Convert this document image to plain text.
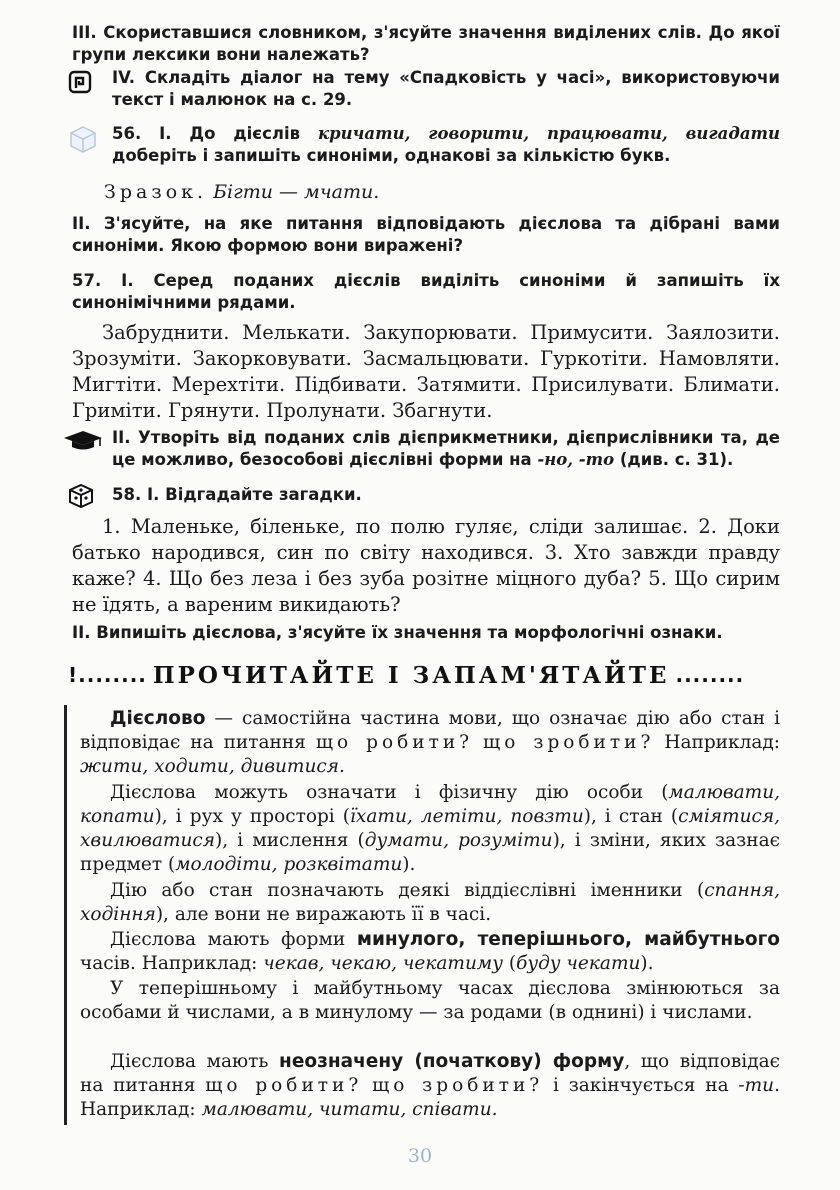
III. Скориставшися словником, з'ясуйте значення виділених слів. До якої групи лексики вони належать?
IV. Складіть діалог на тему «Спадковість у часі», використовуючи текст і малюнок на с. 29.
56. І. До дієслів кричати, говорити, працювати, вигадати доберіть і запишіть синоніми, однакові за кількістю букв.
Зразок. Бігти — мчати.
II. З'ясуйте, на яке питання відповідають дієслова та дібрані вами синоніми. Якою формою вони виражені?
57. І. Серед поданих дієслів виділіть синоніми й запишіть їх синонімічними рядами.
Забруднити. Мелькати. Закупорювати. Примусити. Заялозити. Зрозуміти. Закорковувати. Засмальцювати. Гуркотіти. Намовляти. Мигтіти. Мерехтіти. Підбивати. Затямити. Присилувати. Блимати. Гриміти. Грянути. Пролунати. Збагнути.
II. Утворіть від поданих слів дієприкметники, дієприслівники та, де це можливо, безособові дієслівні форми на -но, -то (див. с. 31).
58. І. Відгадайте загадки.
1. Маленьке, біленьке, по полю гуляє, сліди залишає. 2. Доки батько народився, син по світу находився. 3. Хто завжди правду каже? 4. Що без леза і без зуба розітне міцного дуба? 5. Що сирим не їдять, а вареним викидають?
II. Випишіть дієслова, з'ясуйте їх значення та морфологічні ознаки.
!........ ПРОЧИТАЙТЕ І ЗАПАМ'ЯТАЙТЕ ........
Дієслово — самостійна частина мови, що означає дію або стан і відповідає на питання що робити? що зробити? Наприклад: жити, ходити, дивитися.
Дієслова можуть означати і фізичну дію особи (малювати, копати), і рух у просторі (їхати, летіти, повзти), і стан (сміятися, хвилюватися), і мислення (думати, розуміти), і зміни, яких зазнає предмет (молодіти, розквітати).
Дію або стан позначають деякі віддієслівні іменники (спання, ходіння), але вони не виражають її в часі.
Дієслова мають форми минулого, теперішнього, майбутнього часів. Наприклад: чекав, чекаю, чекатиму (буду чекати).
У теперішньому і майбутньому часах дієслова змінюються за особами й числами, а в минулому — за родами (в однині) і числами.
Дієслова мають неозначену (початкову) форму, що відповідає на питання що робити? що зробити? і закінчується на -ти. Наприклад: малювати, читати, співати.
30
